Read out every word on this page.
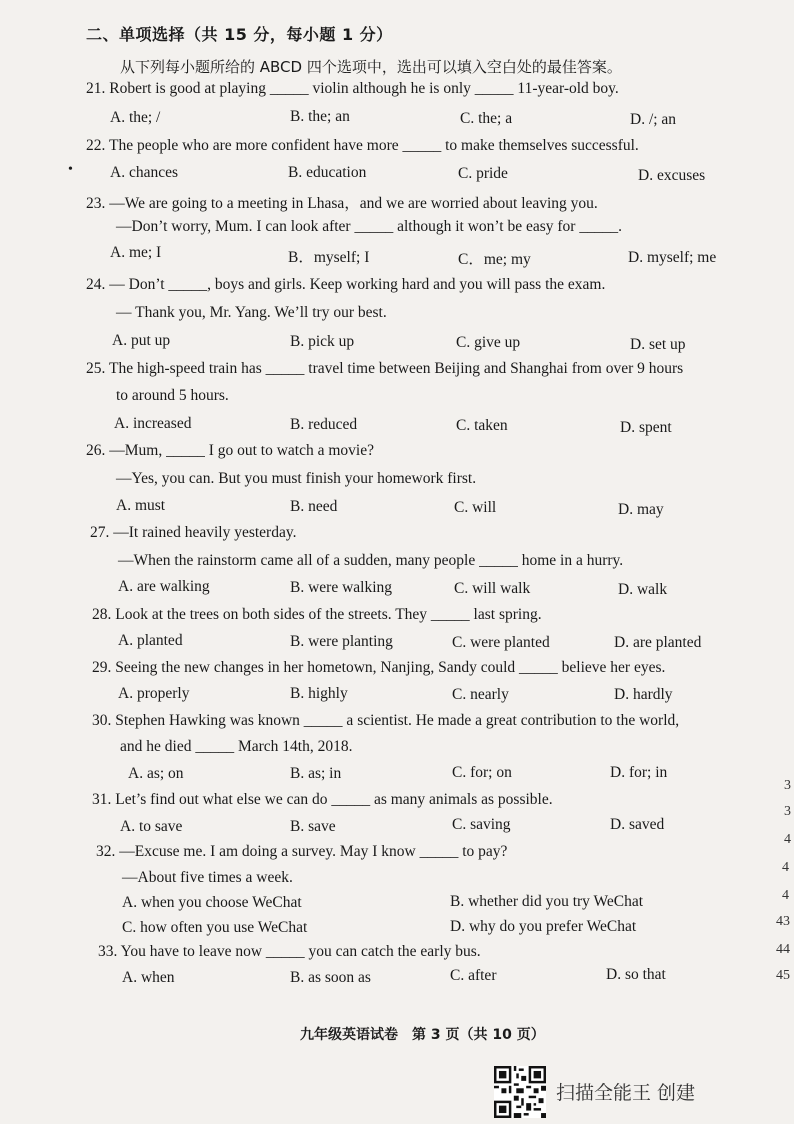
二、单项选择（共 15 分，每小题 1 分）
从下列每小题所给的 ABCD 四个选项中，选出可以填入空白处的最佳答案。
•
21. Robert is good at playing _____ violin although he is only _____ 11-year-old boy.
A. the; /	B. the; an	C. the; a	D. /; an
22. The people who are more confident have more _____ to make themselves successful.
A. chances	B. education	C. pride	D. excuses
23. —We are going to a meeting in Lhasa，and we are worried about leaving you.
—Don’t worry, Mum. I can look after _____ although it won’t be easy for _____.
A. me; I	B．myself; I	C．me; my	D. myself; me
24. — Don’t _____, boys and girls. Keep working hard and you will pass the exam.
— Thank you, Mr. Yang. We’ll try our best.
A. put up	B. pick up	C. give up	D. set up
25. The high-speed train has _____ travel time between Beijing and Shanghai from over 9 hours
to around 5 hours.
A. increased	B. reduced	C. taken	D. spent
26. —Mum, _____ I go out to watch a movie?
—Yes, you can. But you must finish your homework first.
A. must	B. need	C. will	D. may
27. —It rained heavily yesterday.
—When the rainstorm came all of a sudden, many people _____ home in a hurry.
A. are walking	B. were walking	C. will walk	D. walk
28. Look at the trees on both sides of the streets. They _____ last spring.
A. planted	B. were planting	C. were planted	D. are planted
29. Seeing the new changes in her hometown, Nanjing, Sandy could _____ believe her eyes.
A. properly	B. highly	C. nearly	D. hardly
30. Stephen Hawking was known _____ a scientist. He made a great contribution to the world,
and he died _____ March 14th, 2018.
A. as; on	B. as; in	C. for; on	D. for; in
31. Let’s find out what else we can do _____ as many animals as possible.
A. to save	B. save	C. saving	D. saved
32. —Excuse me. I am doing a survey. May I know _____ to pay?
—About five times a week.
A. when you choose WeChat	B. whether did you try WeChat
C. how often you use WeChat	D. why do you prefer WeChat
33. You have to leave now _____ you can catch the early bus.
A. when	B. as soon as	C. after	D. so that
3
3
4
4
4
43
44
45
九年级英语试卷　第 3 页（共 10 页）
扫描全能王 创建
